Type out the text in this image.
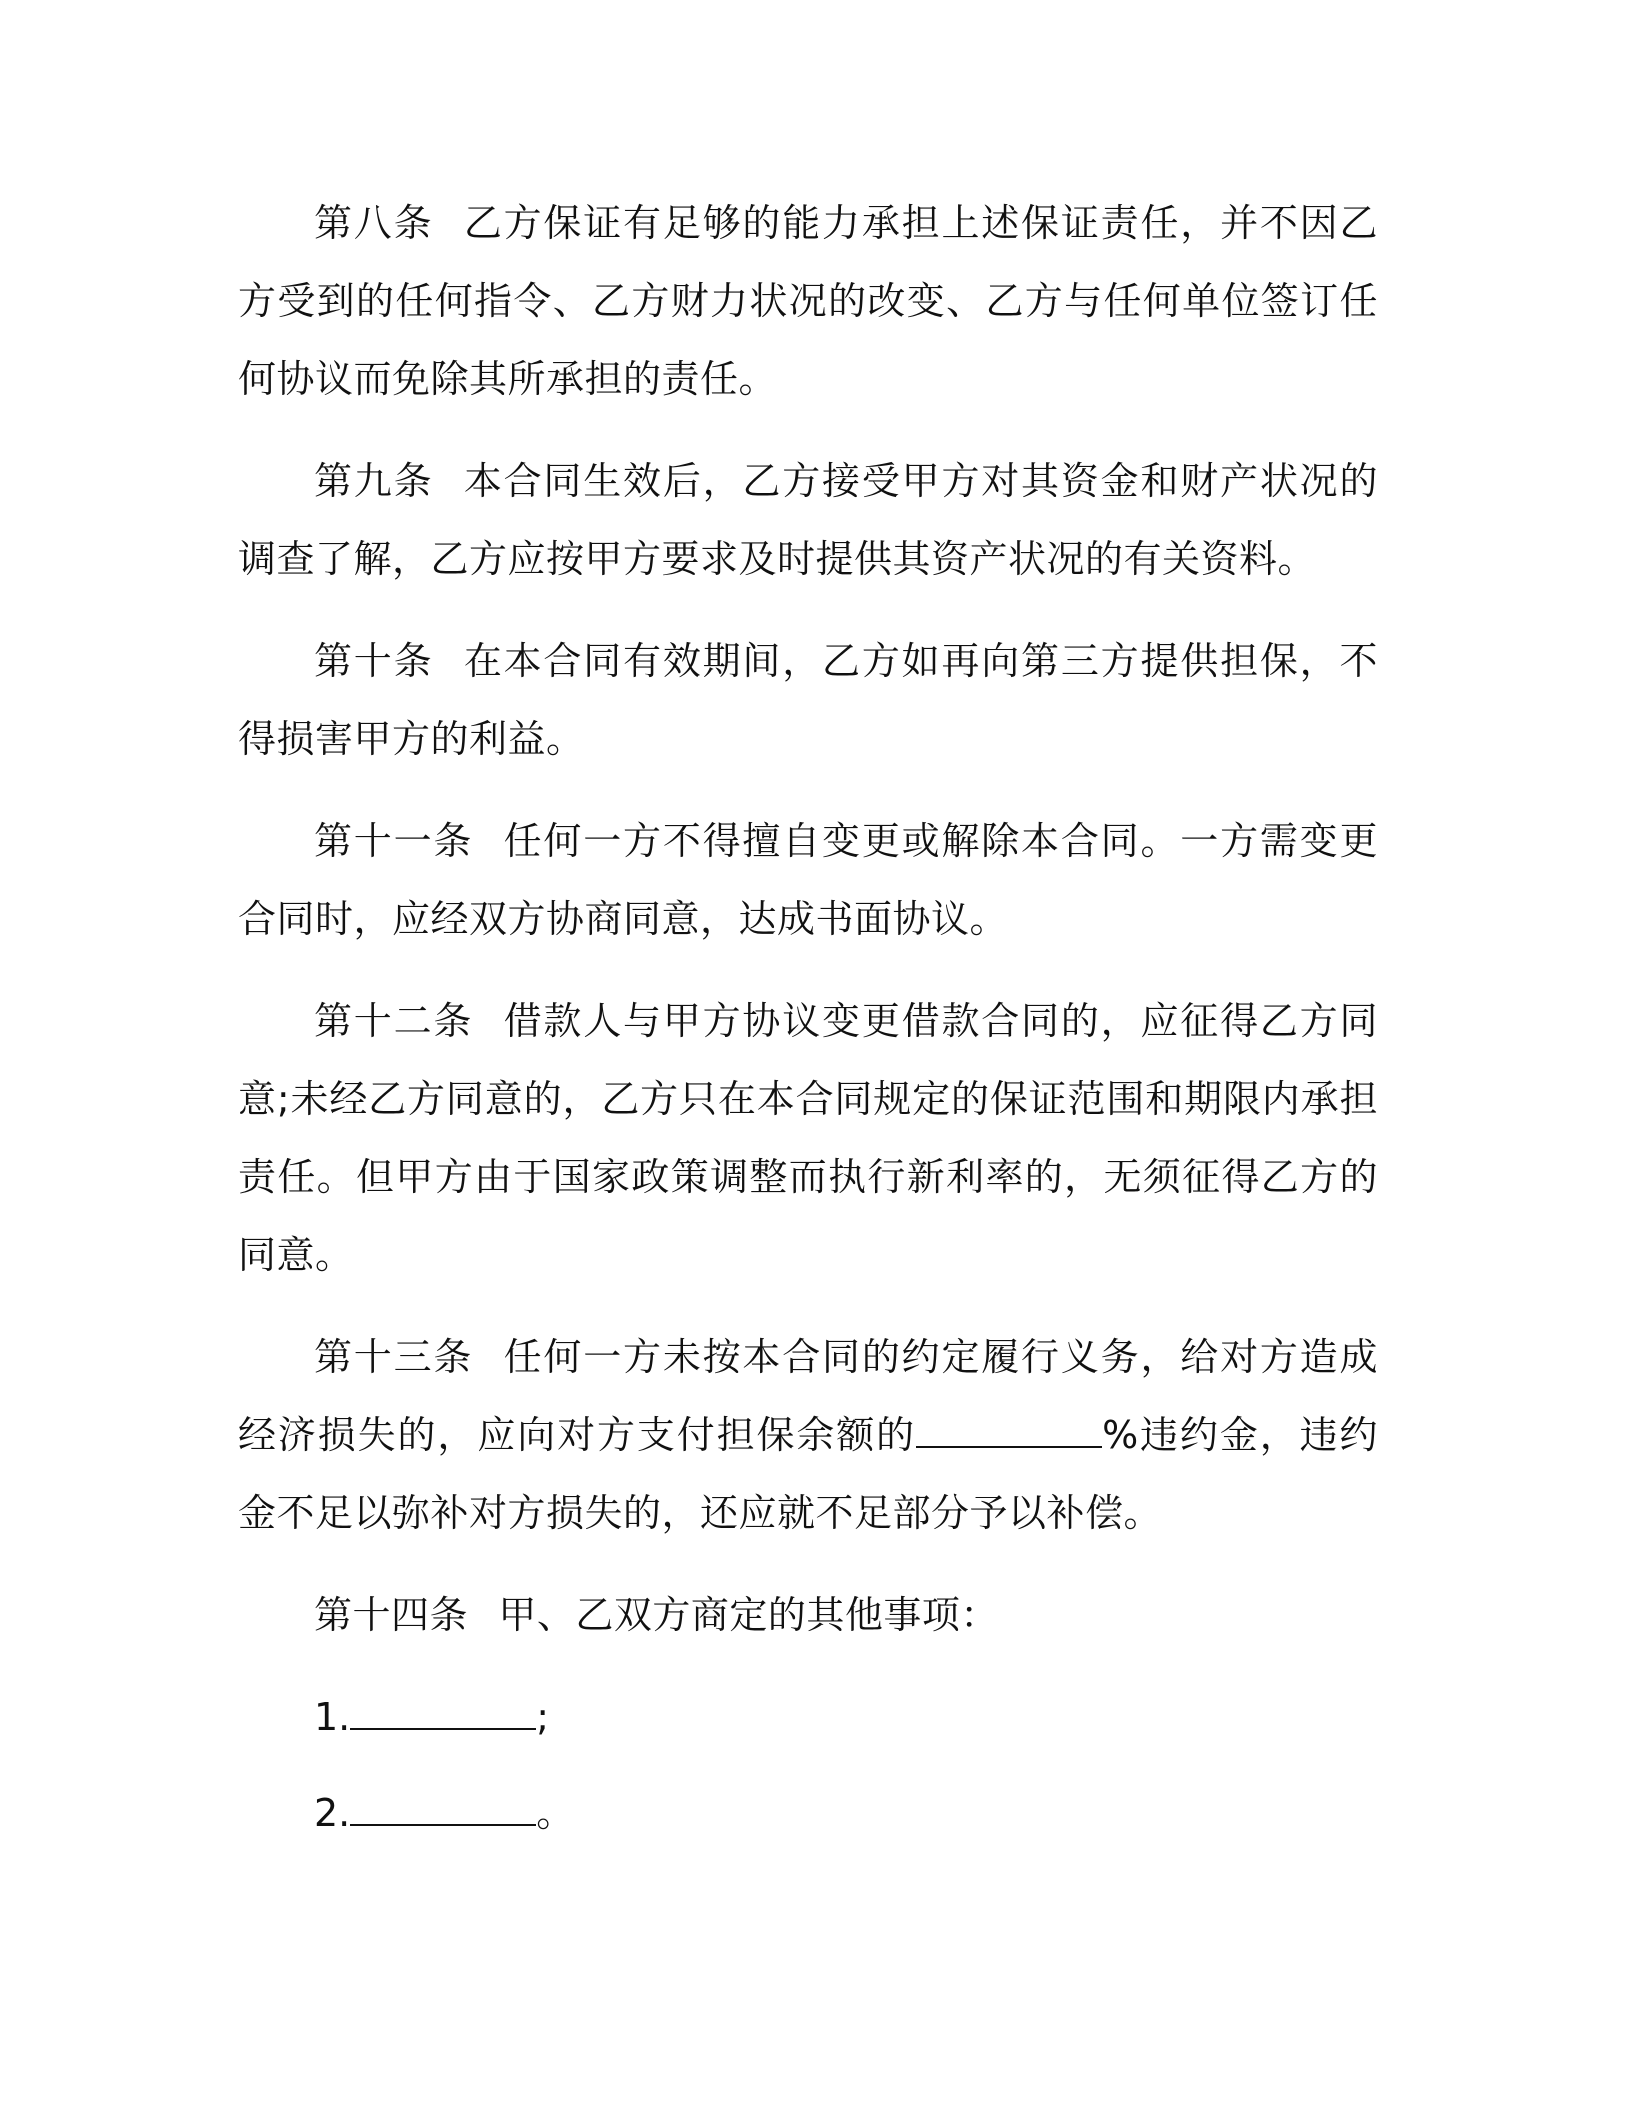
第八条 乙方保证有足够的能力承担上述保证责任，并不因乙方受到的任何指令、乙方财力状况的改变、乙方与任何单位签订任何协议而免除其所承担的责任。

第九条 本合同生效后，乙方接受甲方对其资金和财产状况的调查了解，乙方应按甲方要求及时提供其资产状况的有关资料。

第十条 在本合同有效期间，乙方如再向第三方提供担保，不得损害甲方的利益。

第十一条 任何一方不得擅自变更或解除本合同。一方需变更合同时，应经双方协商同意，达成书面协议。

第十二条 借款人与甲方协议变更借款合同的，应征得乙方同意;未经乙方同意的，乙方只在本合同规定的保证范围和期限内承担责任。但甲方由于国家政策调整而执行新利率的，无须征得乙方的同意。

第十三条 任何一方未按本合同的约定履行义务，给对方造成经济损失的，应向对方支付担保余额的	%违约金，违约金不足以弥补对方损失的，还应就不足部分予以补偿。

第十四条 甲、乙双方商定的其他事项：

1.	;

2.	。
